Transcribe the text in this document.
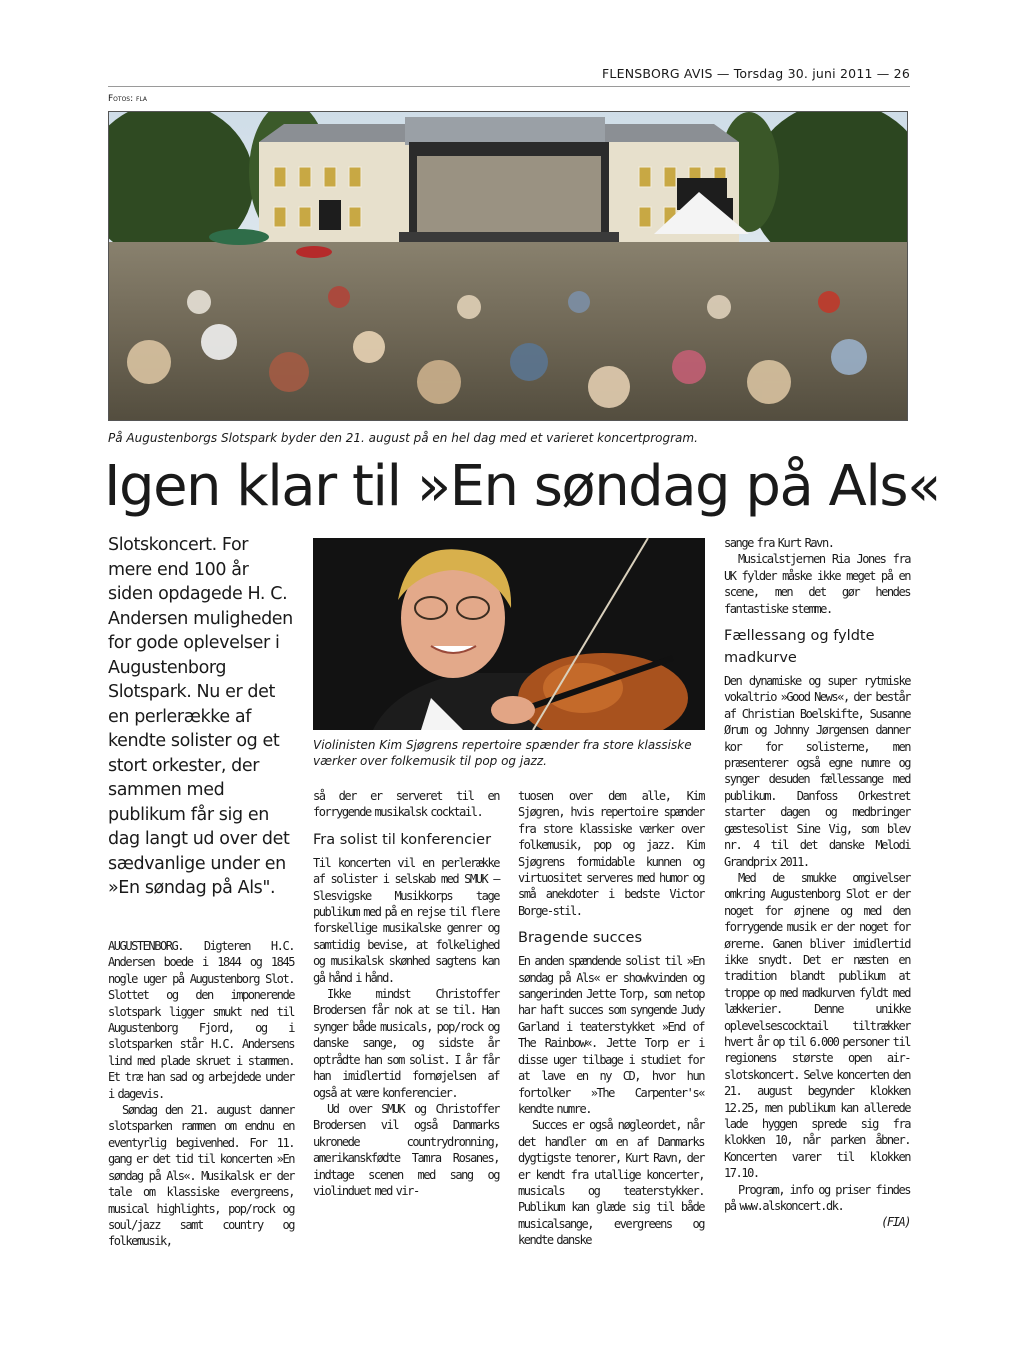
FLENSBORG AVIS — Torsdag 30. juni 2011 — 26
Fotos: fla
På Augustenborgs Slotspark byder den 21. august på en hel dag med et varieret koncertprogram.
Igen klar til »En søndag på Als«

Slotskoncert. For mere end 100 år siden opdagede H. C. Andersen muligheden for gode oplevelser i Augustenborg Slotspark. Nu er det en perlerække af kendte solister og et stort orkester, der sammen med publikum får sig en dag langt ud over det sædvanlige under en »En søndag på Als".

Violinisten Kim Sjøgrens repertoire spænder fra store klassiske værker over folkemusik til pop og jazz.

AUGUSTENBORG. Digteren H.C. Andersen boede i 1844 og 1845 nogle uger på Augustenborg Slot. Slottet og den imponerende slotspark ligger smukt ned til Augustenborg Fjord, og i slotsparken står H.C. Andersens lind med plade skruet i stammen. Et træ han sad og arbejdede under i dagevis.

Søndag den 21. august danner slotsparken rammen om endnu en eventyrlig begivenhed. For 11. gang er det tid til koncerten »En søndag på Als«. Musikalsk er der tale om klassiske evergreens, musical highlights, pop/rock og soul/jazz samt country og folkemusik,

så der er serveret til en forrygende musikalsk cocktail.

Fra solist til konferencier

Til koncerten vil en perlerække af solister i selskab med SMUK – Slesvigske Musikkorps tage publikum med på en rejse til flere forskellige musikalske genrer og samtidig bevise, at folkelighed og musikalsk skønhed sagtens kan gå hånd i hånd.

Ikke mindst Christoffer Brodersen får nok at se til. Han synger både musicals, pop/rock og danske sange, og sidste år optrådte han som solist. I år får han imidlertid fornøjelsen af også at være konferencier.

Ud over SMUK og Christoffer Brodersen vil også Danmarks ukronede countrydronning, amerikanskfødte Tamra Rosanes, indtage scenen med sang og violinduet med vir-

tuosen over dem alle, Kim Sjøgren, hvis repertoire spænder fra store klassiske værker over folkemusik, pop og jazz. Kim Sjøgrens formidable kunnen og virtuositet serveres med humor og små anekdoter i bedste Victor Borge-stil.

Bragende succes

En anden spændende solist til »En søndag på Als« er showkvinden og sangerinden Jette Torp, som netop har haft succes som syngende Judy Garland i teaterstykket »End of The Rainbow«. Jette Torp er i disse uger tilbage i studiet for at lave en ny CD, hvor hun fortolker »The Carpenter's« kendte numre.

Succes er også nøgleordet, når det handler om en af Danmarks dygtigste tenorer, Kurt Ravn, der er kendt fra utallige koncerter, musicals og teaterstykker. Publikum kan glæde sig til både musicalsange, evergreens og kendte danske

sange fra Kurt Ravn.

Musicalstjernen Ria Jones fra UK fylder måske ikke meget på en scene, men det gør hendes fantastiske stemme.

Fællessang og fyldte madkurve

Den dynamiske og super rytmiske vokaltrio »Good News«, der består af Christian Boelskifte, Susanne Ørum og Johnny Jørgensen danner kor for solisterne, men præsenterer også egne numre og synger desuden fællessange med publikum. Danfoss Orkestret starter dagen og medbringer gæstesolist Sine Vig, som blev nr. 4 til det danske Melodi Grandprix 2011.

Med de smukke omgivelser omkring Augustenborg Slot er der noget for øjnene og med den forrygende musik er der noget for ørerne. Ganen bliver imidlertid ikke snydt. Det er næsten en tradition blandt publikum at troppe op med madkurven fyldt med lækkerier. Denne unikke oplevelsescocktail tiltrækker hvert år op til 6.000 personer til regionens største open air-slotskoncert. Selve koncerten den 21. august begynder klokken 12.25, men publikum kan allerede lade hyggen sprede sig fra klokken 10, når parken åbner. Koncerten varer til klokken 17.10.

Program, info og priser findes på www.alskoncert.dk.

(FIA)
